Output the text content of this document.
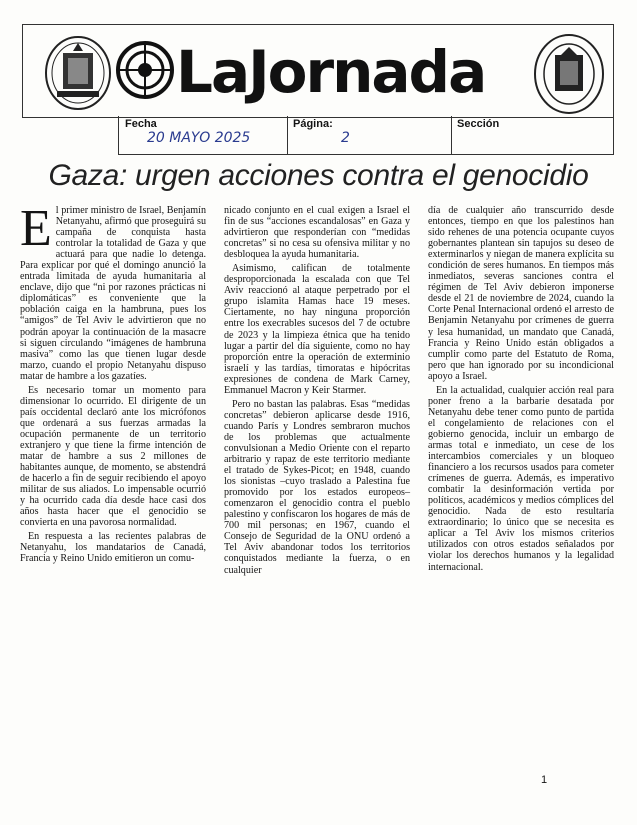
LaJornada
Fecha
20 MAYO 2025
Página:
2
Sección
Gaza: urgen acciones contra el genocidio

El primer ministro de Israel, Benjamín Netanyahu, afirmó que proseguirá su campaña de conquista hasta controlar la totalidad de Gaza y que actuará para que nadie lo detenga. Para explicar por qué el domingo anunció la entrada limitada de ayuda humanitaria al enclave, dijo que “ni por razones prácticas ni diplomáticas” es conveniente que la población caiga en la hambruna, pues los “amigos” de Tel Aviv le advirtieron que no podrán apoyar la continuación de la masacre si siguen circulando “imágenes de hambruna masiva” como las que tienen lugar desde marzo, cuando el propio Netanyahu dispuso matar de hambre a los gazatíes.

Es necesario tomar un momento para dimensionar lo ocurrido. El dirigente de un país occidental declaró ante los micrófonos que ordenará a sus fuerzas armadas la ocupación permanente de un territorio extranjero y que tiene la firme intención de matar de hambre a sus 2 millones de habitantes aunque, de momento, se abstendrá de hacerlo a fin de seguir recibiendo el apoyo militar de sus aliados. Lo impensable ocurrió y ha ocurrido cada día desde hace casi dos años hasta hacer que el genocidio se convierta en una pavorosa normalidad.

En respuesta a las recientes palabras de Netanyahu, los mandatarios de Canadá, Francia y Reino Unido emitieron un comu-

nicado conjunto en el cual exigen a Israel el fin de sus “acciones escandalosas” en Gaza y advirtieron que responderían con “medidas concretas” si no cesa su ofensiva militar y no desbloquea la ayuda humanitaria.

Asimismo, califican de totalmente desproporcionada la escalada con que Tel Aviv reaccionó al ataque perpetrado por el grupo islamita Hamas hace 19 meses. Ciertamente, no hay ninguna proporción entre los execrables sucesos del 7 de octubre de 2023 y la limpieza étnica que ha tenido lugar a partir del día siguiente, como no hay proporción entre la operación de exterminio israelí y las tardías, timoratas e hipócritas expresiones de condena de Mark Carney, Emmanuel Macron y Keir Starmer.

Pero no bastan las palabras. Esas “medidas concretas” debieron aplicarse desde 1916, cuando París y Londres sembraron muchos de los problemas que actualmente convulsionan a Medio Oriente con el reparto arbitrario y rapaz de este territorio mediante el tratado de Sykes-Picot; en 1948, cuando los sionistas –cuyo traslado a Palestina fue promovido por los estados europeos– comenzaron el genocidio contra el pueblo palestino y confiscaron los hogares de más de 700 mil personas; en 1967, cuando el Consejo de Seguridad de la ONU ordenó a Tel Aviv abandonar todos los territorios conquistados mediante la fuerza, o en cualquier

día de cualquier año transcurrido desde entonces, tiempo en que los palestinos han sido rehenes de una potencia ocupante cuyos gobernantes plantean sin tapujos su deseo de exterminarlos y niegan de manera explícita su condición de seres humanos. En tiempos más inmediatos, severas sanciones contra el régimen de Tel Aviv debieron imponerse desde el 21 de noviembre de 2024, cuando la Corte Penal Internacional ordenó el arresto de Benjamin Netanyahu por crímenes de guerra y lesa humanidad, un mandato que Canadá, Francia y Reino Unido están obligados a cumplir como parte del Estatuto de Roma, pero que han ignorado por su incondicional apoyo a Israel.

En la actualidad, cualquier acción real para poner freno a la barbarie desatada por Netanyahu debe tener como punto de partida el congelamiento de relaciones con el gobierno genocida, incluir un embargo de armas total e inmediato, un cese de los intercambios comerciales y un bloqueo financiero a los recursos usados para cometer crímenes de guerra. Además, es imperativo combatir la desinformación vertida por políticos, académicos y medios cómplices del genocidio. Nada de esto resultaría extraordinario; lo único que se necesita es aplicar a Tel Aviv los mismos criterios utilizados con otros estados señalados por violar los derechos humanos y la legalidad internacional.

1
